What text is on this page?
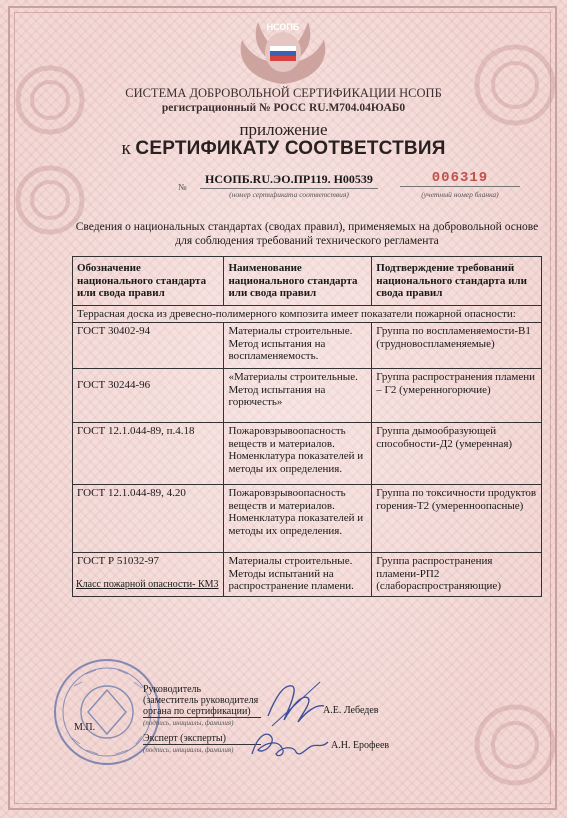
НСОПБ
СИСТЕМА ДОБРОВОЛЬНОЙ СЕРТИФИКАЦИИ НСОПБ
регистрационный № РОСС RU.M704.04ЮАБ0
приложение
к СЕРТИФИКАТУ СООТВЕТСТВИЯ
№
НСОПБ.RU.ЭО.ПР119. Н00539
(номер сертификата соответствия)
006319
(учетный номер бланка)
Сведения о национальных стандартах (сводах правил), применяемых на добровольной основе для соблюдения требований технического регламента
Обозначение национального стандарта или свода правил	Наименование национального стандарта или свода правил	Подтверждение требований национального стандарта или свода правил
Террасная доска из древесно-полимерного композита имеет показатели пожарной опасности:		
ГОСТ 30402-94	Материалы строительные. Метод испытания на воспламеняемость.	Группа по воспламеняемости-В1 (трудновоспламеняемые)
ГОСТ 30244-96	«Материалы строительные. Метод испытания на горючесть»	Группа распространения пламени – Г2 (умеренногорючие)
ГОСТ 12.1.044-89, п.4.18	Пожаровзрывоопасность веществ и материалов. Номенклатура показателей и методы их определения.	Группа дымообразующей способности-Д2 (умеренная)
ГОСТ 12.1.044-89, 4.20	Пожаровзрывоопасность веществ и материалов. Номенклатура показателей и методы их определения.	Группа по токсичности продуктов горения-Т2 (умеренноопасные)
ГОСТ Р 51032-97	Материалы строительные. Методы испытаний на распространение пламени.	Группа распространения пламени-РП2 (слабораспространяющие)
Класс пожарной опасности- КМ3
Руководитель
(заместитель руководителя
органа по сертификации)
(подпись, инициалы, фамилия)
М.П.
Эксперт (эксперты)
(подпись, инициалы, фамилия)
А.Е. Лебедев
А.Н. Ерофеев
